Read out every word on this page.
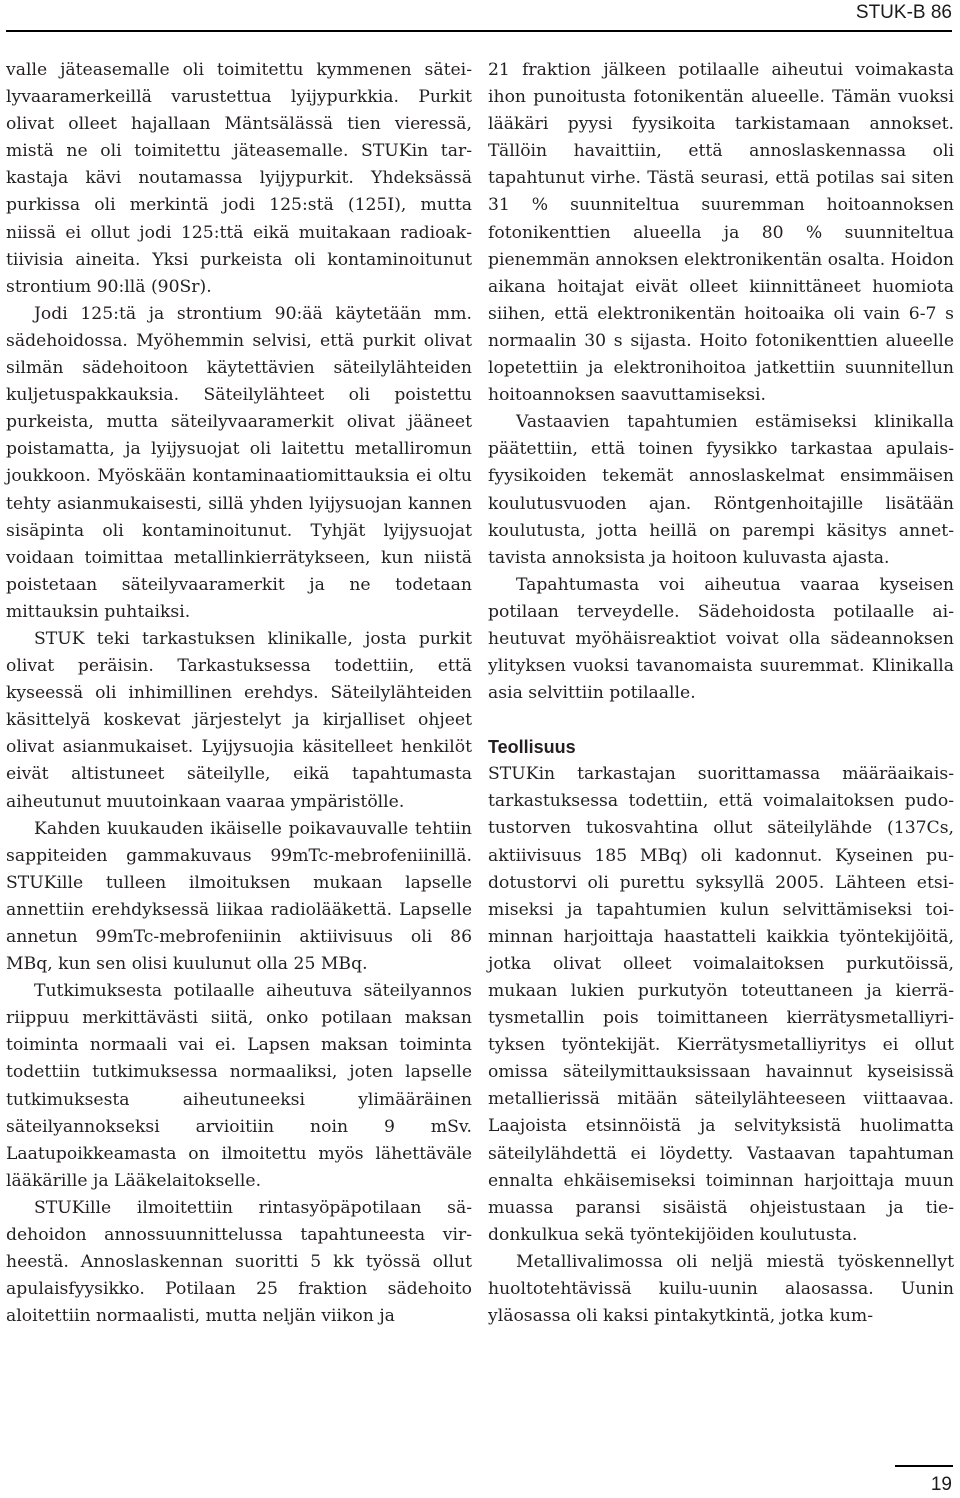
STUK-B 86

valle jäteasemalle oli toimitettu kymmenen säteilyvaaramerkeillä varustettua lyijypurkkia. Purkit olivat olleet hajallaan Mäntsälässä tien vieressä, mistä ne oli toimitettu jäteasemalle. STUKin tarkastaja kävi noutamassa lyijypurkit. Yhdeksässä purkissa oli merkintä jodi 125:stä (125I), mutta niissä ei ollut jodi 125:ttä eikä muitakaan radioaktiivisia aineita. Yksi purkeista oli kontaminoitunut strontium 90:llä (90Sr).

Jodi 125:tä ja strontium 90:ää käytetään mm. sädehoidossa. Myöhemmin selvisi, että purkit olivat silmän sädehoitoon käytettävien säteilylähteiden kuljetuspakkauksia. Säteilylähteet oli poistettu purkeista, mutta säteilyvaaramerkit olivat jääneet poistamatta, ja lyijysuojat oli laitettu metalliromun joukkoon. Myöskään kontaminaatiomittauksia ei oltu tehty asianmukaisesti, sillä yhden lyijysuojan kannen sisäpinta oli kontaminoitunut. Tyhjät lyijysuojat voidaan toimittaa metallinkierrätykseen, kun niistä poistetaan säteilyvaaramerkit ja ne todetaan mittauksin puhtaiksi.

STUK teki tarkastuksen klinikalle, josta purkit olivat peräisin. Tarkastuksessa todettiin, että kyseessä oli inhimillinen erehdys. Säteilylähteiden käsittelyä koskevat järjestelyt ja kirjalliset ohjeet olivat asianmukaiset. Lyijysuojia käsitelleet henkilöt eivät altistuneet säteilylle, eikä tapahtumasta aiheutunut muutoinkaan vaaraa ympäristölle.

Kahden kuukauden ikäiselle poikavauvalle tehtiin sappiteiden gammakuvaus 99mTc-mebrofeniinillä. STUKille tulleen ilmoituksen mukaan lapselle annettiin erehdyksessä liikaa radiolääkettä. Lapselle annetun 99mTc-mebrofeniinin aktiivisuus oli 86 MBq, kun sen olisi kuulunut olla 25 MBq.

Tutkimuksesta potilaalle aiheutuva säteilyannos riippuu merkittävästi siitä, onko potilaan maksan toiminta normaali vai ei. Lapsen maksan toiminta todettiin tutkimuksessa normaaliksi, joten lapselle tutkimuksesta aiheutuneeksi ylimääräinen säteilyannokseksi arvioitiin noin 9 mSv. Laatupoikkeamasta on ilmoitettu myös lähettäväle lääkärille ja Lääkelaitokselle.

STUKille ilmoitettiin rintasyöpäpotilaan sädehoidon annossuunnittelussa tapahtuneesta virheestä. Annoslaskennan suoritti 5 kk työssä ollut apulaisfyysikko. Potilaan 25 fraktion sädehoito aloitettiin normaalisti, mutta neljän viikon ja

21 fraktion jälkeen potilaalle aiheutui voimakasta ihon punoitusta fotonikentän alueelle. Tämän vuoksi lääkäri pyysi fyysikoita tarkistamaan annokset. Tällöin havaittiin, että annoslaskennassa oli tapahtunut virhe. Tästä seurasi, että potilas sai siten 31 % suunniteltua suuremman hoitoannoksen fotonikenttien alueella ja 80 % suunniteltua pienemmän annoksen elektronikentän osalta. Hoidon aikana hoitajat eivät olleet kiinnittäneet huomiota siihen, että elektronikentän hoitoaika oli vain 6-7 s normaalin 30 s sijasta. Hoito fotonikenttien alueelle lopetettiin ja elektronihoitoa jatkettiin suunnitellun hoitoannoksen saavuttamiseksi.

Vastaavien tapahtumien estämiseksi klinikalla päätettiin, että toinen fyysikko tarkastaa apulaisfyysikoiden tekemät annoslaskelmat ensimmäisen koulutusvuoden ajan. Röntgenhoitajille lisätään koulutusta, jotta heillä on parempi käsitys annettavista annoksista ja hoitoon kuluvasta ajasta.

Tapahtumasta voi aiheutua vaaraa kyseisen potilaan terveydelle. Sädehoidosta potilaalle aiheutuvat myöhäisreaktiot voivat olla sädeannoksen ylityksen vuoksi tavanomaista suuremmat. Klinikalla asia selvittiin potilaalle.

Teollisuus

STUKin tarkastajan suorittamassa määräaikaistarkastuksessa todettiin, että voimalaitoksen pudotustorven tukosvahtina ollut säteilylähde (137Cs, aktiivisuus 185 MBq) oli kadonnut. Kyseinen pudotustorvi oli purettu syksyllä 2005. Lähteen etsimiseksi ja tapahtumien kulun selvittämiseksi toiminnan harjoittaja haastatteli kaikkia työntekijöitä, jotka olivat olleet voimalaitoksen purkutöissä, mukaan lukien purkutyön toteuttaneen ja kierrätysmetallin pois toimittaneen kierrätysmetalliyrityksen työntekijät. Kierrätysmetalliyritys ei ollut omissa säteilymittauksissaan havainnut kyseisissä metallierissä mitään säteilylähteeseen viittaavaa. Laajoista etsinnöistä ja selvityksistä huolimatta säteilylähdettä ei löydetty. Vastaavan tapahtuman ennalta ehkäisemiseksi toiminnan harjoittaja muun muassa paransi sisäistä ohjeistustaan ja tiedonkulkua sekä työntekijöiden koulutusta.

Metallivalimossa oli neljä miestä työskennellyt huoltotehtävissä kuilu-uunin alaosassa. Uunin yläosassa oli kaksi pintakytkintä, jotka kum-

19
